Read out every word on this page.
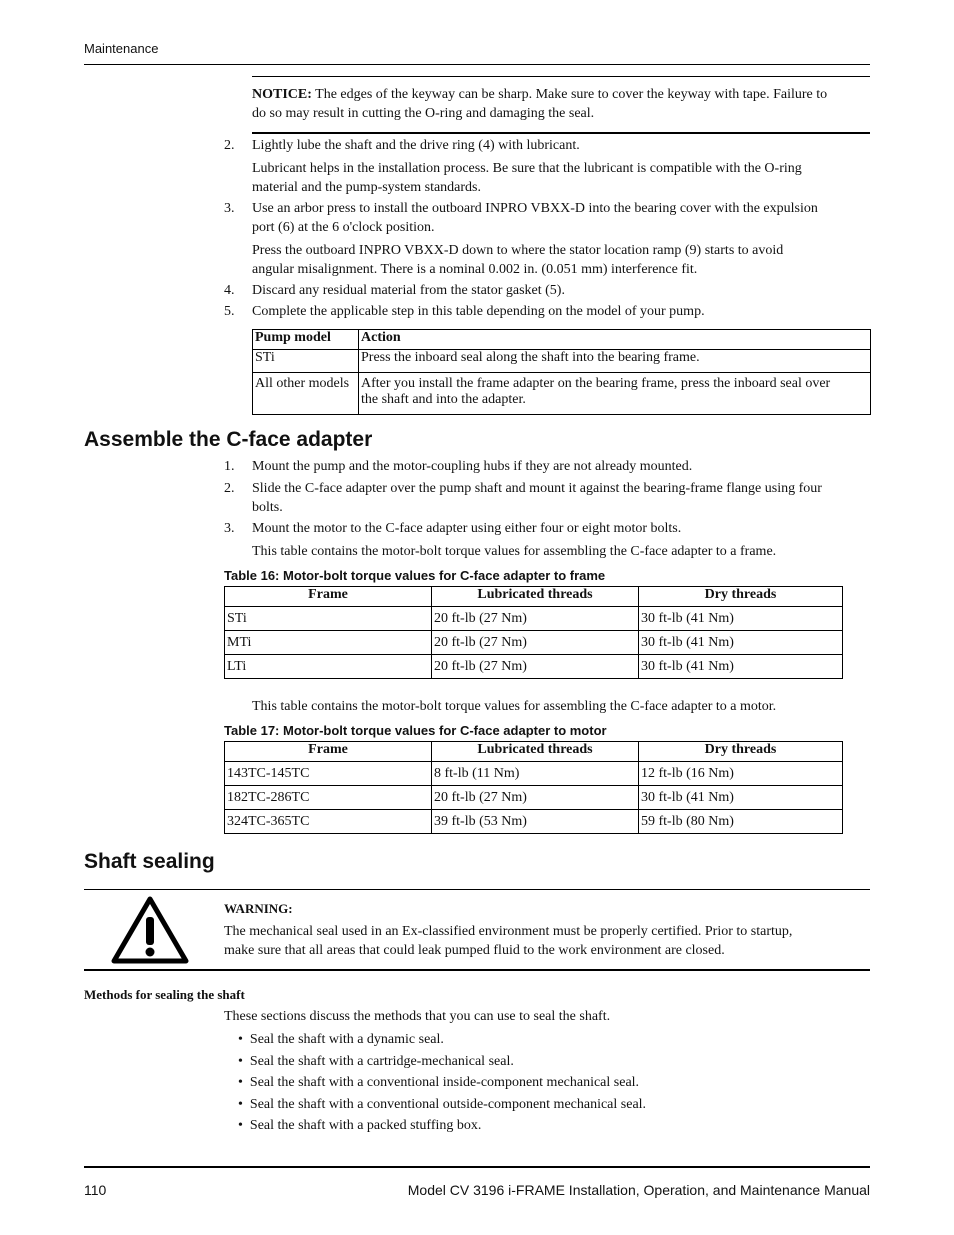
Maintenance
NOTICE: The edges of the keyway can be sharp. Make sure to cover the keyway with tape. Failure to
do so may result in cutting the O-ring and damaging the seal.
2. Lightly lube the shaft and the drive ring (4) with lubricant.
Lubricant helps in the installation process. Be sure that the lubricant is compatible with the O-ring
material and the pump-system standards.
3. Use an arbor press to install the outboard INPRO VBXX-D into the bearing cover with the expulsion
port (6) at the 6 o'clock position.
Press the outboard INPRO VBXX-D down to where the stator location ramp (9) starts to avoid
angular misalignment. There is a nominal 0.002 in. (0.051 mm) interference fit.
4. Discard any residual material from the stator gasket (5).
5. Complete the applicable step in this table depending on the model of your pump.
Pump model	Action
STi	Press the inboard seal along the shaft into the bearing frame.
All other models	After you install the frame adapter on the bearing frame, press the inboard seal over
the shaft and into the adapter.
Assemble the C-face adapter
1. Mount the pump and the motor-coupling hubs if they are not already mounted.
2. Slide the C-face adapter over the pump shaft and mount it against the bearing-frame flange using four
bolts.
3. Mount the motor to the C-face adapter using either four or eight motor bolts.
This table contains the motor-bolt torque values for assembling the C-face adapter to a frame.
Table 16: Motor-bolt torque values for C-face adapter to frame
Frame	Lubricated threads	Dry threads
STi	20 ft-lb (27 Nm)	30 ft-lb (41 Nm)
MTi	20 ft-lb (27 Nm)	30 ft-lb (41 Nm)
LTi	20 ft-lb (27 Nm)	30 ft-lb (41 Nm)
This table contains the motor-bolt torque values for assembling the C-face adapter to a motor.
Table 17: Motor-bolt torque values for C-face adapter to motor
Frame	Lubricated threads	Dry threads
143TC-145TC	8 ft-lb (11 Nm)	12 ft-lb (16 Nm)
182TC-286TC	20 ft-lb (27 Nm)	30 ft-lb (41 Nm)
324TC-365TC	39 ft-lb (53 Nm)	59 ft-lb (80 Nm)
Shaft sealing
WARNING:
The mechanical seal used in an Ex-classified environment must be properly certified. Prior to startup,
make sure that all areas that could leak pumped fluid to the work environment are closed.
Methods for sealing the shaft
These sections discuss the methods that you can use to seal the shaft.
• Seal the shaft with a dynamic seal.
• Seal the shaft with a cartridge-mechanical seal.
• Seal the shaft with a conventional inside-component mechanical seal.
• Seal the shaft with a conventional outside-component mechanical seal.
• Seal the shaft with a packed stuffing box.
110	Model CV 3196 i-FRAME Installation, Operation, and Maintenance Manual
